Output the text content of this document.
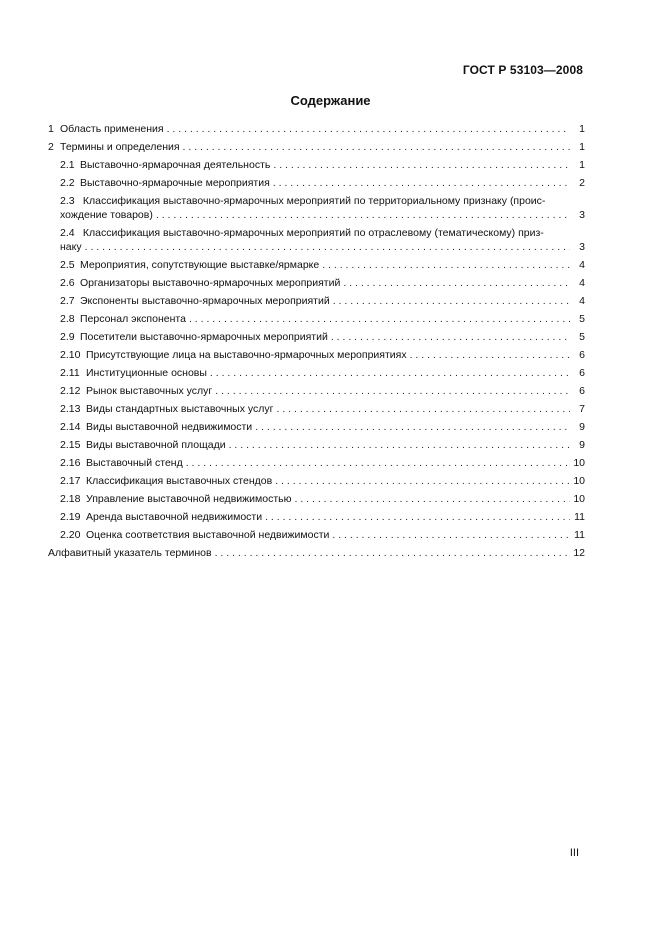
ГОСТ Р 53103—2008
Содержание
1 Область применения . . .	1
2 Термины и определения . . .	1
2.1 Выставочно-ярмарочная деятельность . . .	1
2.2 Выставочно-ярмарочные мероприятия . . .	2
2.3 Классификация выставочно-ярмарочных мероприятий по территориальному признаку (проис-
хождение товаров) . . .	3
2.4 Классификация выставочно-ярмарочных мероприятий по отраслевому (тематическому) приз-
наку . . .	3
2.5 Мероприятия, сопутствующие выставке/ярмарке . . .	4
2.6 Организаторы выставочно-ярмарочных мероприятий . . .	4
2.7 Экспоненты выставочно-ярмарочных мероприятий . . .	4
2.8 Персонал экспонента . . .	5
2.9 Посетители выставочно-ярмарочных мероприятий . . .	5
2.10 Присутствующие лица на выставочно-ярмарочных мероприятиях . . .	6
2.11 Институционные основы . . .	6
2.12 Рынок выставочных услуг . . .	6
2.13 Виды стандартных выставочных услуг . . .	7
2.14 Виды выставочной недвижимости . . .	9
2.15 Виды выставочной площади . . .	9
2.16 Выставочный стенд . . .	10
2.17 Классификация выставочных стендов . . .	10
2.18 Управление выставочной недвижимостью . . .	10
2.19 Аренда выставочной недвижимости . . .	11
2.20 Оценка соответствия выставочной недвижимости . . .	11
Алфавитный указатель терминов . . .	12
III
